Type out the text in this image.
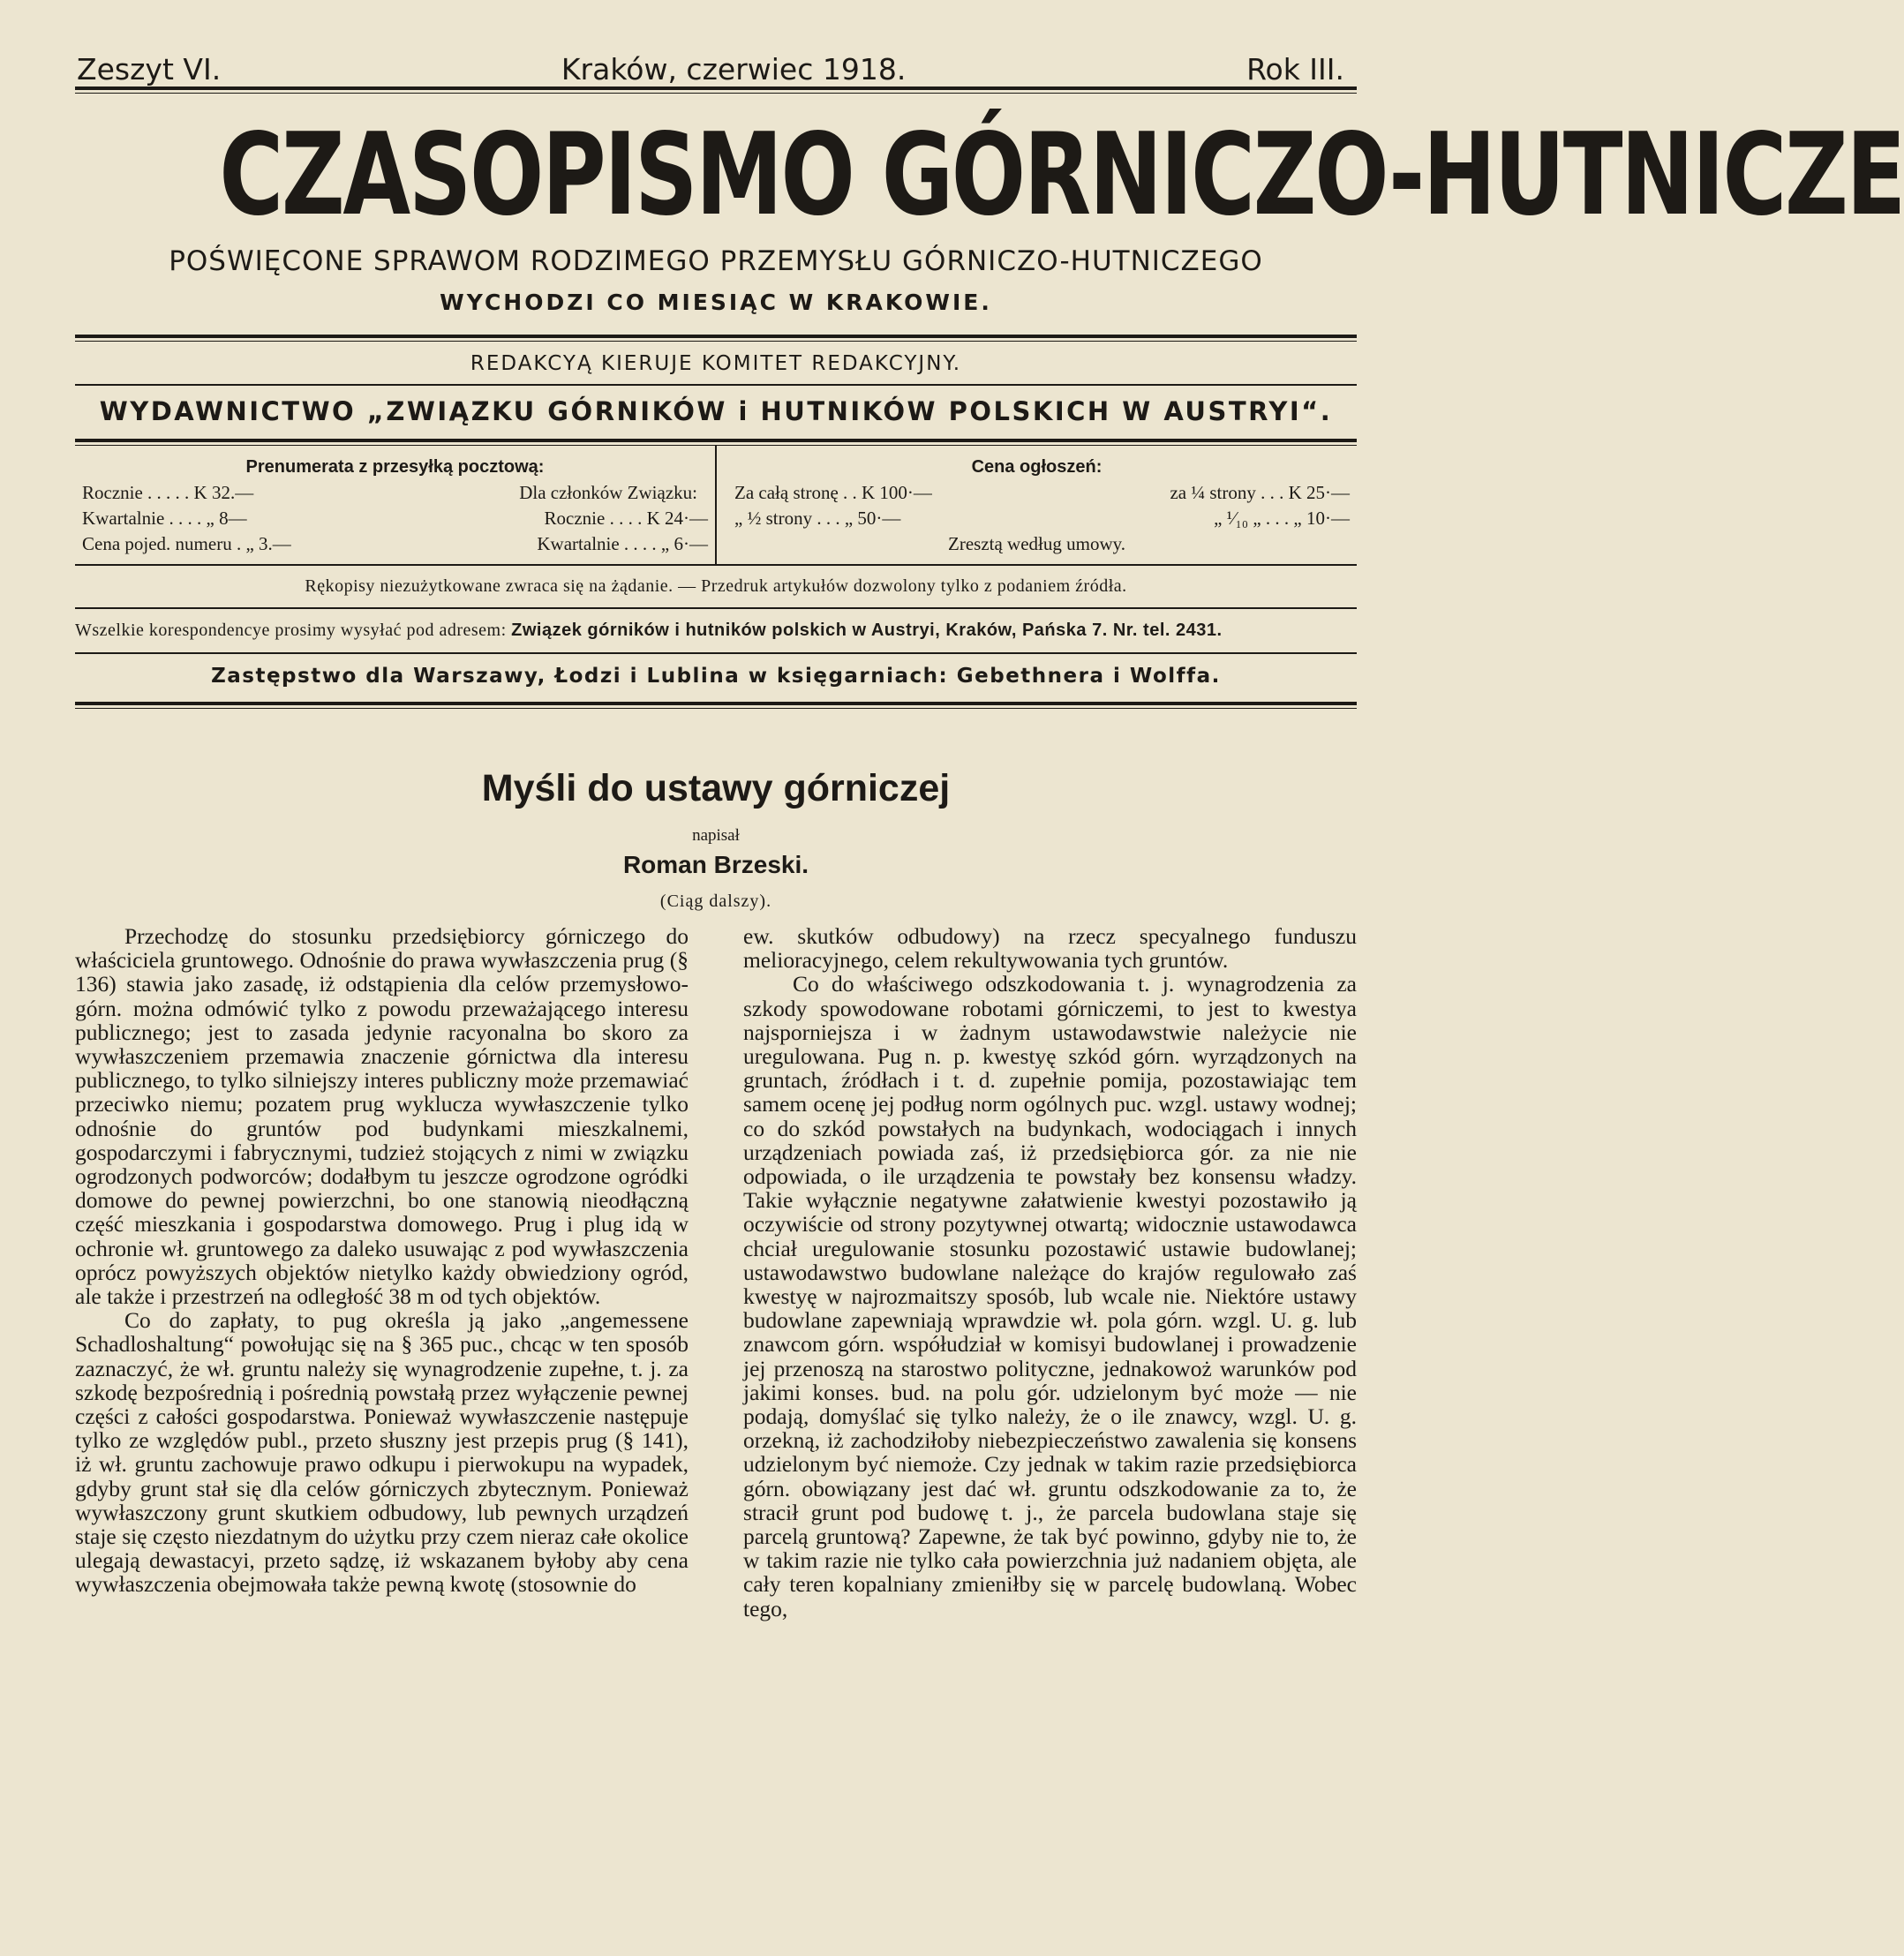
Zeszyt VI.	Kraków, czerwiec 1918.	Rok III.
CZASOPISMO GÓRNICZO-HUTNICZE
POŚWIĘCONE SPRAWOM RODZIMEGO PRZEMYSŁU GÓRNICZO-HUTNICZEGO
WYCHODZI CO MIESIĄC W KRAKOWIE.
REDAKCYĄ KIERUJE KOMITET REDAKCYJNY.
WYDAWNICTWO „ZWIĄZKU GÓRNIKÓW i HUTNIKÓW POLSKICH W AUSTRYI“.
Prenumerata z przesyłką pocztową:
Rocznie . . . . . K 32.—	Dla członków Związku:
Kwartalnie . . . . „ 8—	Rocznie . . . . K 24·—
Cena pojed. numeru . „ 3.—	Kwartalnie . . . . „ 6·—
Cena ogłoszeń:
Za całą stronę . . K 100·—	za ¼ strony . . . K 25·—
„ ½ strony . . . „ 50·—	„ ¹⁄₁₀ „ . . . „ 10·—
Zresztą według umowy.
Rękopisy niezużytkowane zwraca się na żądanie. — Przedruk artykułów dozwolony tylko z podaniem źródła.
Wszelkie korespondencye prosimy wysyłać pod adresem: Związek górników i hutników polskich w Austryi, Kraków, Pańska 7. Nr. tel. 2431.
Zastępstwo dla Warszawy, Łodzi i Lublina w księgarniach: Gebethnera i Wolffa.
Myśli do ustawy górniczej
napisał
Roman Brzeski.
(Ciąg dalszy).

Przechodzę do stosunku przedsiębiorcy górniczego do właściciela gruntowego. Odnośnie do prawa wywłaszczenia prug (§ 136) stawia jako zasadę, iż odstąpienia dla celów przemysłowo-górn. można odmówić tylko z powodu przeważającego interesu publicznego; jest to zasada jedynie racyonalna bo skoro za wywłaszczeniem przemawia znaczenie górnictwa dla interesu publicznego, to tylko silniejszy interes publiczny może przemawiać przeciwko niemu; pozatem prug wyklucza wywłaszczenie tylko odnośnie do gruntów pod budynkami mieszkalnemi, gospodarczymi i fabrycznymi, tudzież stojących z nimi w związku ogrodzonych podworców; dodałbym tu jeszcze ogrodzone ogródki domowe do pewnej powierzchni, bo one stanowią nieodłączną część mieszkania i gospodarstwa domowego. Prug i plug idą w ochronie wł. gruntowego za daleko usuwając z pod wywłaszczenia oprócz powyższych objektów nietylko każdy obwiedziony ogród, ale także i przestrzeń na odległość 38 m od tych objektów.

Co do zapłaty, to pug określa ją jako „angemessene Schadloshaltung“ powołując się na § 365 puc., chcąc w ten sposób zaznaczyć, że wł. gruntu należy się wynagrodzenie zupełne, t. j. za szkodę bezpośrednią i pośrednią powstałą przez wyłączenie pewnej części z całości gospodarstwa. Ponieważ wywłaszczenie następuje tylko ze względów publ., przeto słuszny jest przepis prug (§ 141), iż wł. gruntu zachowuje prawo odkupu i pierwokupu na wypadek, gdyby grunt stał się dla celów górniczych zbytecznym. Ponieważ wywłaszczony grunt skutkiem odbudowy, lub pewnych urządzeń staje się często niezdatnym do użytku przy czem nieraz całe okolice ulegają dewastacyi, przeto sądzę, iż wskazanem byłoby aby cena wywłaszczenia obejmowała także pewną kwotę (stosownie do

ew. skutków odbudowy) na rzecz specyalnego funduszu melioracyjnego, celem rekultywowania tych gruntów.

Co do właściwego odszkodowania t. j. wynagrodzenia za szkody spowodowane robotami górniczemi, to jest to kwestya najsporniejsza i w żadnym ustawodawstwie należycie nie uregulowana. Pug n. p. kwestyę szkód górn. wyrządzonych na gruntach, źródłach i t. d. zupełnie pomija, pozostawiając tem samem ocenę jej podług norm ogólnych puc. wzgl. ustawy wodnej; co do szkód powstałych na budynkach, wodociągach i innych urządzeniach powiada zaś, iż przedsiębiorca gór. za nie nie odpowiada, o ile urządzenia te powstały bez konsensu władzy. Takie wyłącznie negatywne załatwienie kwestyi pozostawiło ją oczywiście od strony pozytywnej otwartą; widocznie ustawodawca chciał uregulowanie stosunku pozostawić ustawie budowlanej; ustawodawstwo budowlane należące do krajów regulowało zaś kwestyę w najrozmaitszy sposób, lub wcale nie. Niektóre ustawy budowlane zapewniają wprawdzie wł. pola górn. wzgl. U. g. lub znawcom górn. współudział w komisyi budowlanej i prowadzenie jej przenoszą na starostwo polityczne, jednakowoż warunków pod jakimi konses. bud. na polu gór. udzielonym być może — nie podają, domyślać się tylko należy, że o ile znawcy, wzgl. U. g. orzekną, iż zachodziłoby niebezpieczeństwo zawalenia się konsens udzielonym być niemoże. Czy jednak w takim razie przedsiębiorca górn. obowiązany jest dać wł. gruntu odszkodowanie za to, że stracił grunt pod budowę t. j., że parcela budowlana staje się parcelą gruntową? Zapewne, że tak być powinno, gdyby nie to, że w takim razie nie tylko cała powierzchnia już nadaniem objęta, ale cały teren kopalniany zmieniłby się w parcelę budowlaną. Wobec tego,
